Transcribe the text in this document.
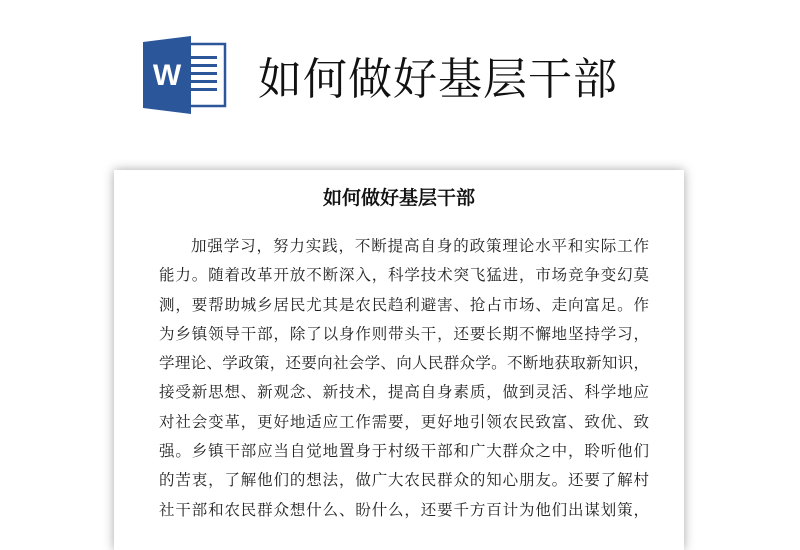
W 如何做好基层干部
如何做好基层干部
加强学习，努力实践，不断提高自身的政策理论水平和实际工作
能力。随着改革开放不断深入，科学技术突飞猛进，市场竞争变幻莫
测，要帮助城乡居民尤其是农民趋利避害、抢占市场、走向富足。作
为乡镇领导干部，除了以身作则带头干，还要长期不懈地坚持学习，
学理论、学政策，还要向社会学、向人民群众学。不断地获取新知识，
接受新思想、新观念、新技术，提高自身素质，做到灵活、科学地应
对社会变革，更好地适应工作需要，更好地引领农民致富、致优、致
强。乡镇干部应当自觉地置身于村级干部和广大群众之中，聆听他们
的苦衷，了解他们的想法，做广大农民群众的知心朋友。还要了解村
社干部和农民群众想什么、盼什么，还要千方百计为他们出谋划策，
